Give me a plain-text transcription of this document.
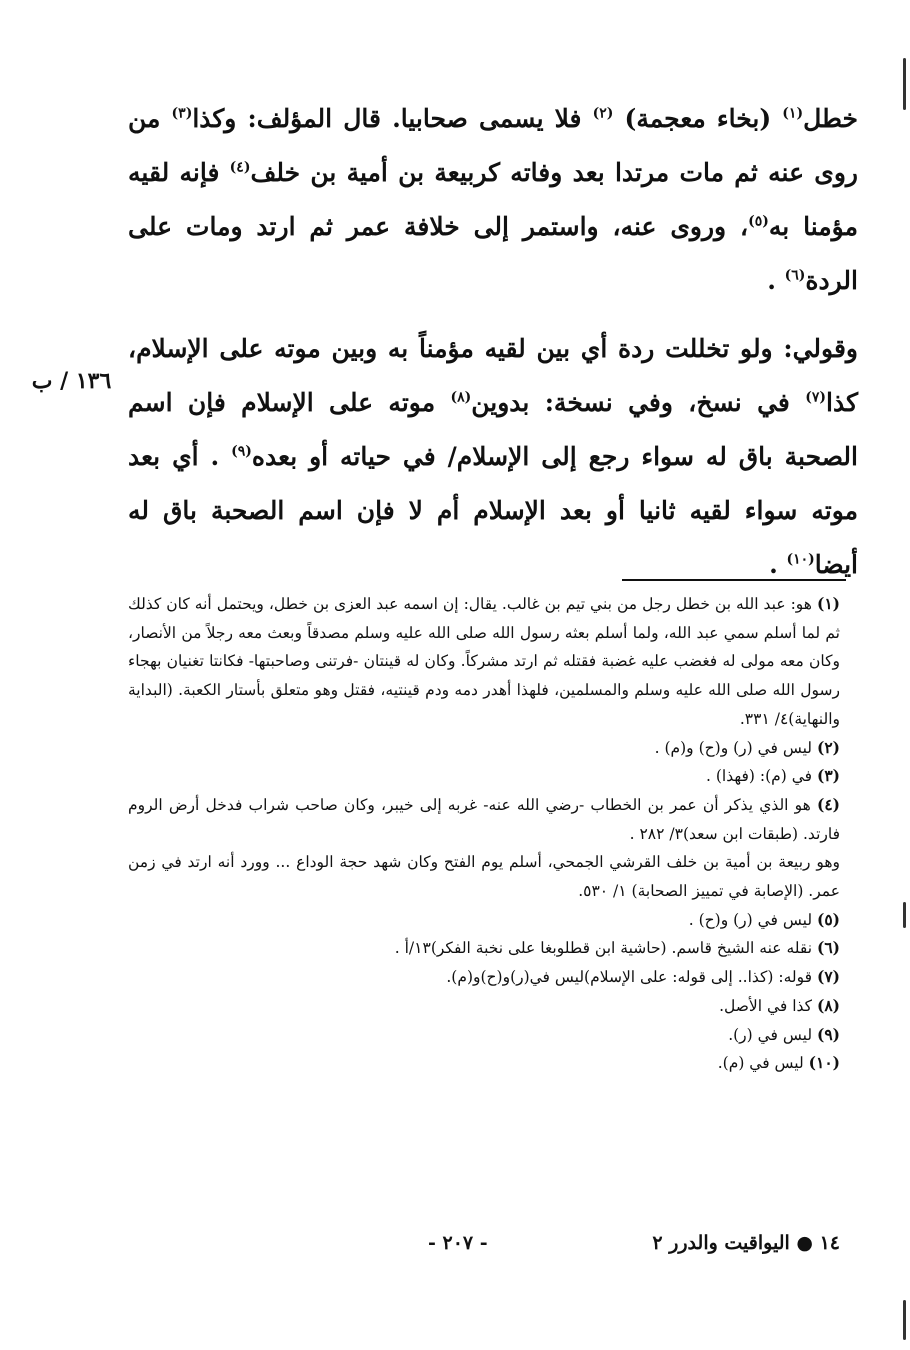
خطل$^{(١)}$ (بخاء معجمة) $^{(٢)}$ فلا يسمى صحابيا. قال المؤلف: وكذا$^{(٣)}$ من روى عنه ثم مات مرتدا بعد وفاته كربيعة بن أمية بن خلف$^{(٤)}$ فإنه لقيه مؤمنا به$^{(٥)}$، وروى عنه، واستمر إلى خلافة عمر ثم ارتد ومات على الردة$^{(٦)}$ .

وقولي: ولو تخللت ردة أي بين لقيه مؤمناً به وبين موته على الإسلام، كذا$^{(٧)}$ في نسخ، وفي نسخة: بدوين$^{(٨)}$ موته على الإسلام فإن اسم الصحبة باق له سواء رجع إلى الإسلام/ في حياته أو بعده$^{(٩)}$ . أي بعد موته سواء لقيه ثانيا أو بعد الإسلام أم لا فإن اسم الصحبة باق له أيضا$^{(١٠)}$ .

١٣٦ / ب

(١) هو: عبد الله بن خطل رجل من بني تيم بن غالب. يقال: إن اسمه عبد العزى بن خطل، ويحتمل أنه كان كذلك ثم لما أسلم سمي عبد الله، ولما أسلم بعثه رسول الله صلى الله عليه وسلم مصدقاً وبعث معه رجلاً من الأنصار، وكان معه مولى له فغضب عليه غضبة فقتله ثم ارتد مشركاً. وكان له قينتان -فرتنى وصاحبتها- فكانتا تغنيان بهجاء رسول الله صلى الله عليه وسلم والمسلمين، فلهذا أهدر دمه ودم قينتيه، فقتل وهو متعلق بأستار الكعبة. (البداية والنهاية)٤/ ٣٣١.

(٢) ليس في (ر) و(ح) و(م) .

(٣) في (م): (فهذا) .

(٤) هو الذي يذكر أن عمر بن الخطاب -رضي الله عنه- غربه إلى خيبر، وكان صاحب شراب فدخل أرض الروم فارتد. (طبقات ابن سعد)٣/ ٢٨٢ .

وهو ربيعة بن أمية بن خلف القرشي الجمحي، أسلم يوم الفتح وكان شهد حجة الوداع ... وورد أنه ارتد في زمن عمر. (الإصابة في تمييز الصحابة) ١/ ٥٣٠.

(٥) ليس في (ر) و(ح) .

(٦) نقله عنه الشيخ قاسم. (حاشية ابن قطلوبغا على نخبة الفكر)١٣/أ .

(٧) قوله: (كذا.. إلى قوله: على الإسلام)ليس في(ر)و(ح)و(م).

(٨) كذا في الأصل.

(٩) ليس في (ر).

(١٠) ليس في (م).

- ٢٠٧ -	١٤ ● اليواقيت والدرر ٢
